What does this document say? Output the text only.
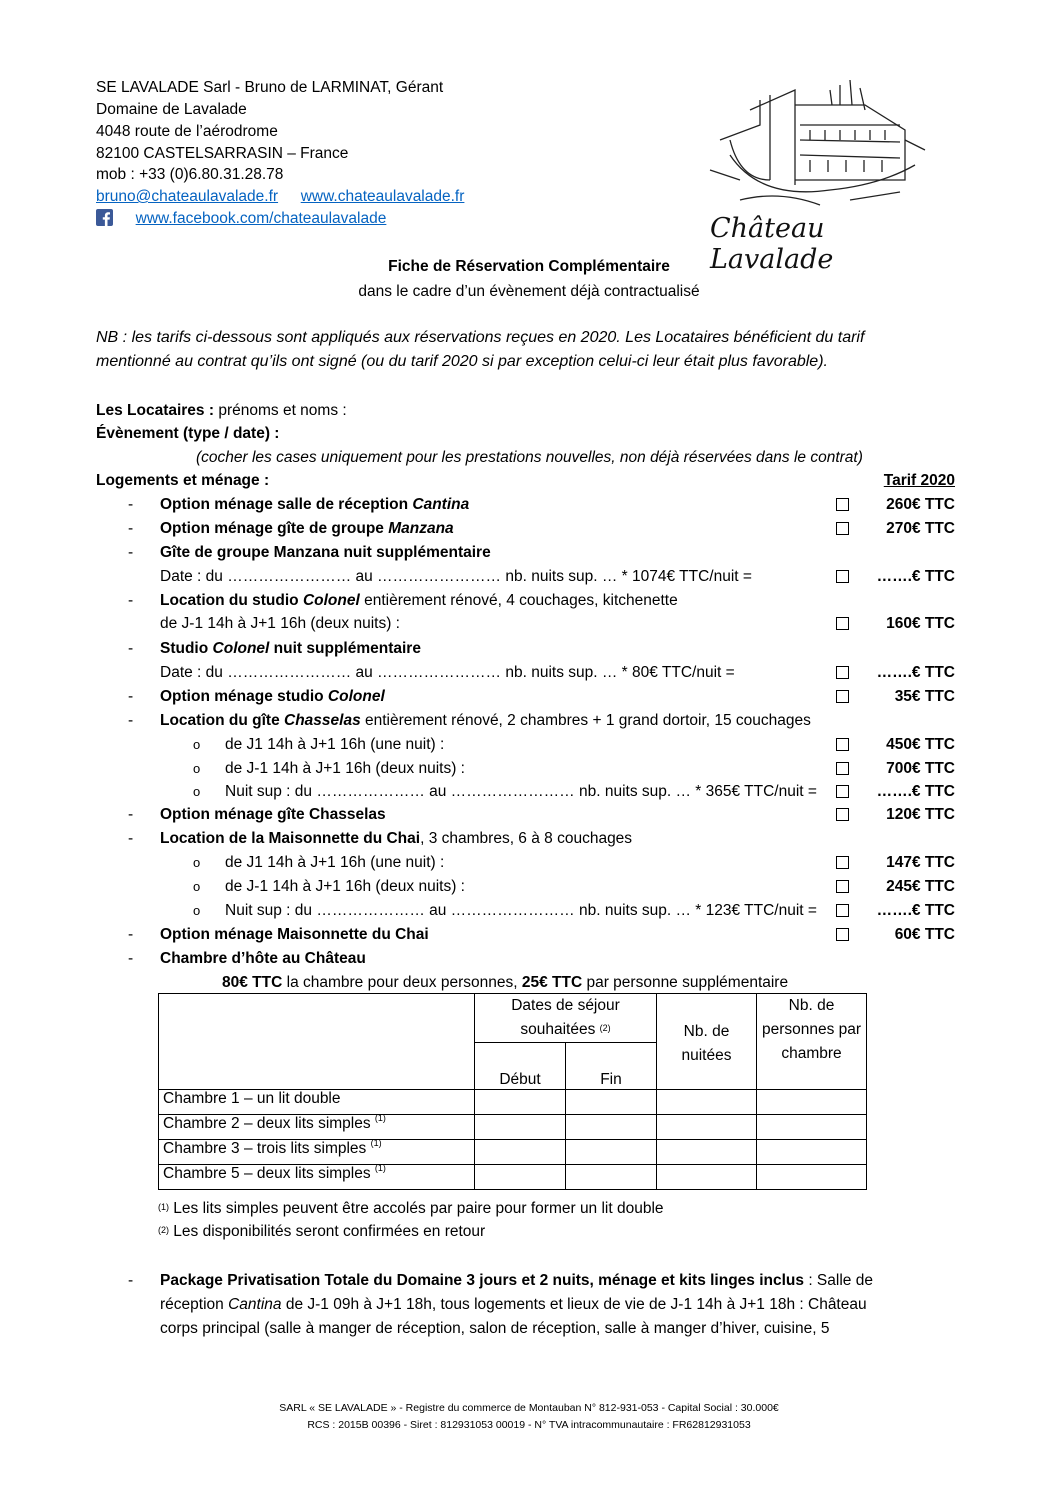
SE LAVALADE Sarl - Bruno de LARMINAT, Gérant
Domaine de Lavalade
4048 route de l’aérodrome
82100 CASTELSARRASIN – France
mob : +33 (0)6.80.31.28.78
bruno@chateaulavalade.fr www.chateaulavalade.fr
www.facebook.com/chateaulavalade	Château Lavalade
Fiche de Réservation Complémentaire
dans le cadre d’un évènement déjà contractualisé
NB : les tarifs ci-dessous sont appliqués aux réservations reçues en 2020. Les Locataires bénéficient du tarif
mentionné au contrat qu’ils ont signé (ou du tarif 2020 si par exception celui-ci leur était plus favorable).
Les Locataires : prénoms et noms :
Évènement (type / date) :
(cocher les cases uniquement pour les prestations nouvelles, non déjà réservées dans le contrat)
Logements et ménage :	Tarif 2020
- Option ménage salle de réception Cantina	260€ TTC
- Option ménage gîte de groupe Manzana	270€ TTC
- Gîte de groupe Manzana nuit supplémentaire
Date : du …………………… au …………………… nb. nuits sup. … * 1074€ TTC/nuit =	…….€ TTC
- Location du studio Colonel entièrement rénové, 4 couchages, kitchenette
de J-1 14h à J+1 16h (deux nuits) :	160€ TTC
- Studio Colonel nuit supplémentaire
Date : du …………………… au …………………… nb. nuits sup. … * 80€ TTC/nuit =	…….€ TTC
- Option ménage studio Colonel	35€ TTC
- Location du gîte Chasselas entièrement rénové, 2 chambres + 1 grand dortoir, 15 couchages
o de J1 14h à J+1 16h (une nuit) :	450€ TTC
o de J-1 14h à J+1 16h (deux nuits) :	700€ TTC
o Nuit sup : du ………………… au …………………… nb. nuits sup. … * 365€ TTC/nuit =	…….€ TTC
- Option ménage gîte Chasselas	120€ TTC
- Location de la Maisonnette du Chai, 3 chambres, 6 à 8 couchages
o de J1 14h à J+1 16h (une nuit) :	147€ TTC
o de J-1 14h à J+1 16h (deux nuits) :	245€ TTC
o Nuit sup : du ………………… au …………………… nb. nuits sup. … * 123€ TTC/nuit =	…….€ TTC
- Option ménage Maisonnette du Chai	60€ TTC
- Chambre d’hôte au Château
80€ TTC la chambre pour deux personnes, 25€ TTC par personne supplémentaire
	Dates de séjour
souhaitées $^{(2)}$		Nb. de nuitées	Nb. de personnes par chambre
	Début	Fin		
Chambre 1 – un lit double				
Chambre 2 – deux lits simples $^{(1)}$				
Chambre 3 – trois lits simples $^{(1)}$				
Chambre 5 – deux lits simples $^{(1)}$				
$^{(1)}$ Les lits simples peuvent être accolés par paire pour former un lit double
$^{(2)}$ Les disponibilités seront confirmées en retour
- Package Privatisation Totale du Domaine 3 jours et 2 nuits, ménage et kits linges inclus : Salle de
réception Cantina de J-1 09h à J+1 18h, tous logements et lieux de vie de J-1 14h à J+1 18h : Château
corps principal (salle à manger de réception, salon de réception, salle à manger d’hiver, cuisine, 5
SARL « SE LAVALADE » - Registre du commerce de Montauban N° 812-931-053 - Capital Social : 30.000€
RCS : 2015B 00396 - Siret : 812931053 00019 - N° TVA intracommunautaire : FR62812931053
